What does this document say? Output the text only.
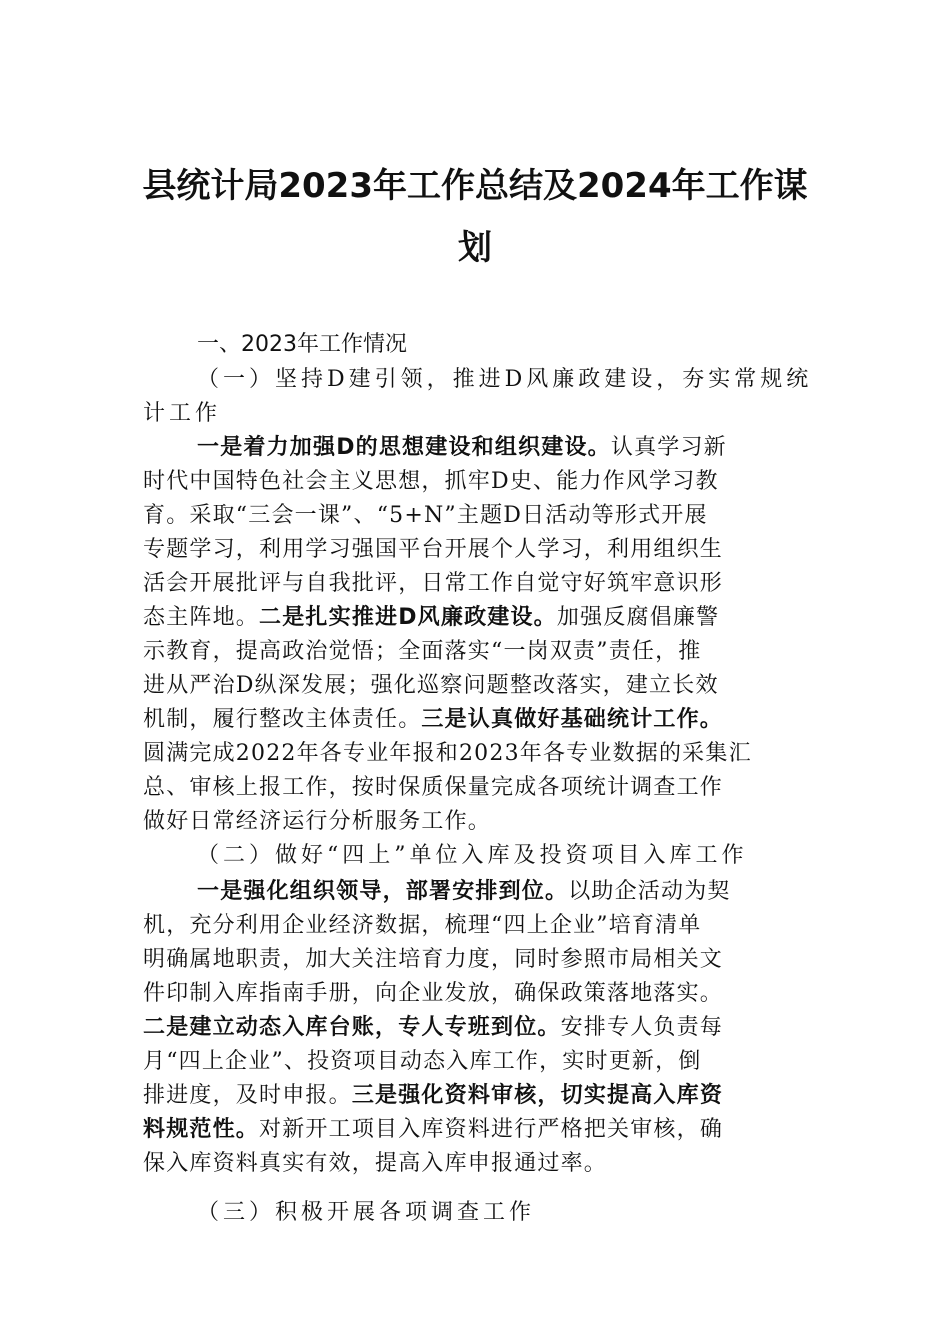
县统计局2023年工作总结及2024年工作谋
划
一、2023年工作情况
（一）坚持D建引领，推进D风廉政建设，夯实常规统
计工作
一是着力加强D的思想建设和组织建设。认真学习新
时代中国特色社会主义思想，抓牢D史、能力作风学习教
育。采取“三会一课”、“5+N”主题D日活动等形式开展
专题学习，利用学习强国平台开展个人学习，利用组织生
活会开展批评与自我批评，日常工作自觉守好筑牢意识形
态主阵地。二是扎实推进D风廉政建设。加强反腐倡廉警
示教育，提高政治觉悟；全面落实“一岗双责”责任，推
进从严治D纵深发展；强化巡察问题整改落实，建立长效
机制，履行整改主体责任。三是认真做好基础统计工作。
圆满完成2022年各专业年报和2023年各专业数据的采集汇
总、审核上报工作，按时保质保量完成各项统计调查工作
做好日常经济运行分析服务工作。
（二）做好“四上”单位入库及投资项目入库工作
一是强化组织领导，部署安排到位。以助企活动为契
机，充分利用企业经济数据，梳理“四上企业”培育清单
明确属地职责，加大关注培育力度，同时参照市局相关文
件印制入库指南手册，向企业发放，确保政策落地落实。
二是建立动态入库台账，专人专班到位。安排专人负责每
月“四上企业”、投资项目动态入库工作，实时更新，倒
排进度，及时申报。三是强化资料审核，切实提高入库资
料规范性。对新开工项目入库资料进行严格把关审核，确
保入库资料真实有效，提高入库申报通过率。
（三）积极开展各项调查工作
